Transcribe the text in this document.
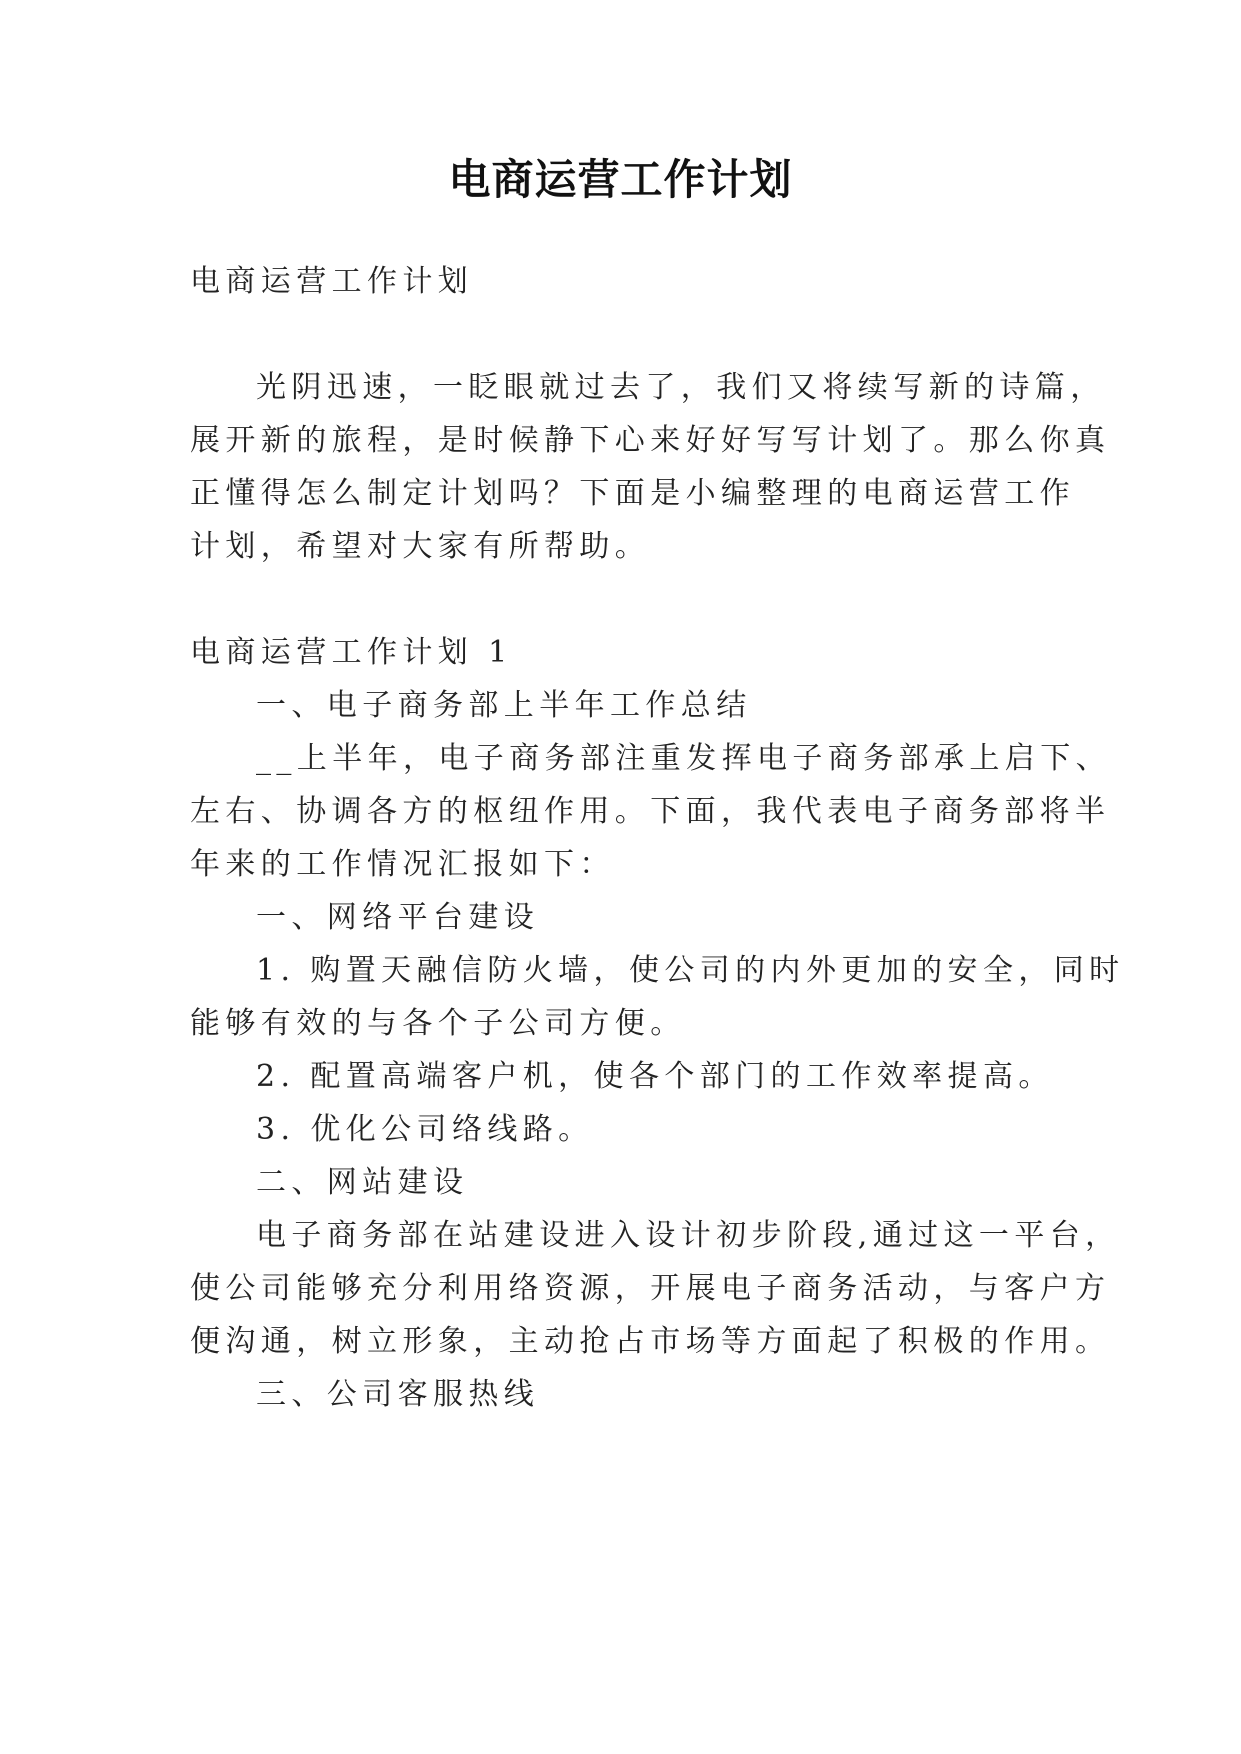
电商运营工作计划
电商运营工作计划
光阴迅速，一眨眼就过去了，我们又将续写新的诗篇，
展开新的旅程，是时候静下心来好好写写计划了。那么你真
正懂得怎么制定计划吗？下面是小编整理的电商运营工作
计划，希望对大家有所帮助。
电商运营工作计划 1
一、电子商务部上半年工作总结
__上半年，电子商务部注重发挥电子商务部承上启下、
左右、协调各方的枢纽作用。下面，我代表电子商务部将半
年来的工作情况汇报如下：
一、网络平台建设
1. 购置天融信防火墙，使公司的内外更加的安全，同时
能够有效的与各个子公司方便。
2. 配置高端客户机，使各个部门的工作效率提高。
3. 优化公司络线路。
二、网站建设
电子商务部在站建设进入设计初步阶段,通过这一平台，
使公司能够充分利用络资源，开展电子商务活动，与客户方
便沟通，树立形象，主动抢占市场等方面起了积极的作用。
三、公司客服热线
